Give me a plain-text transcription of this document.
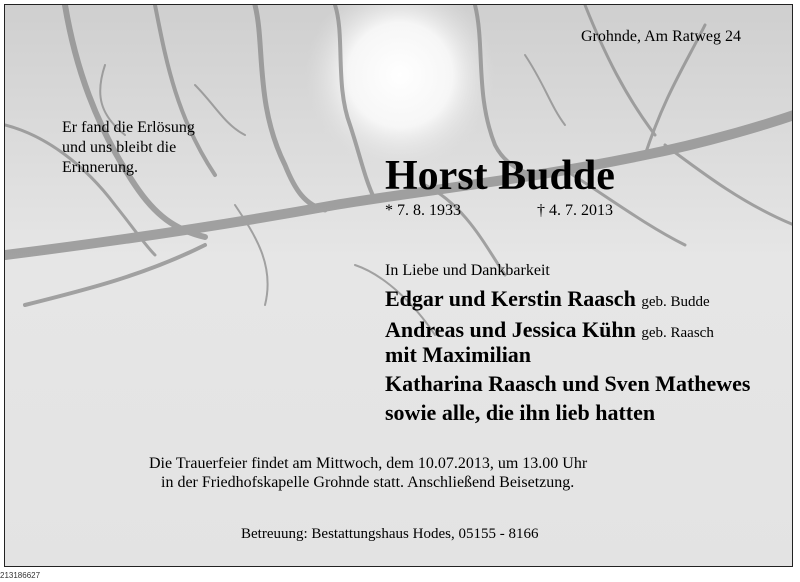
Grohnde, Am Ratweg 24
Er fand die Erlösung
und uns bleibt die
Erinnerung.	Horst Budde
* 7. 8. 1933	† 4. 7. 2013
In Liebe und Dankbarkeit
Edgar und Kerstin Raasch geb. Budde
Andreas und Jessica Kühn geb. Raasch
mit Maximilian
Katharina Raasch und Sven Mathewes
sowie alle, die ihn lieb hatten
Die Trauerfeier findet am Mittwoch, dem 10.07.2013, um 13.00 Uhr
in der Friedhofskapelle Grohnde statt. Anschließend Beisetzung.
Betreuung: Bestattungshaus Hodes, 05155 - 8166
213186627
